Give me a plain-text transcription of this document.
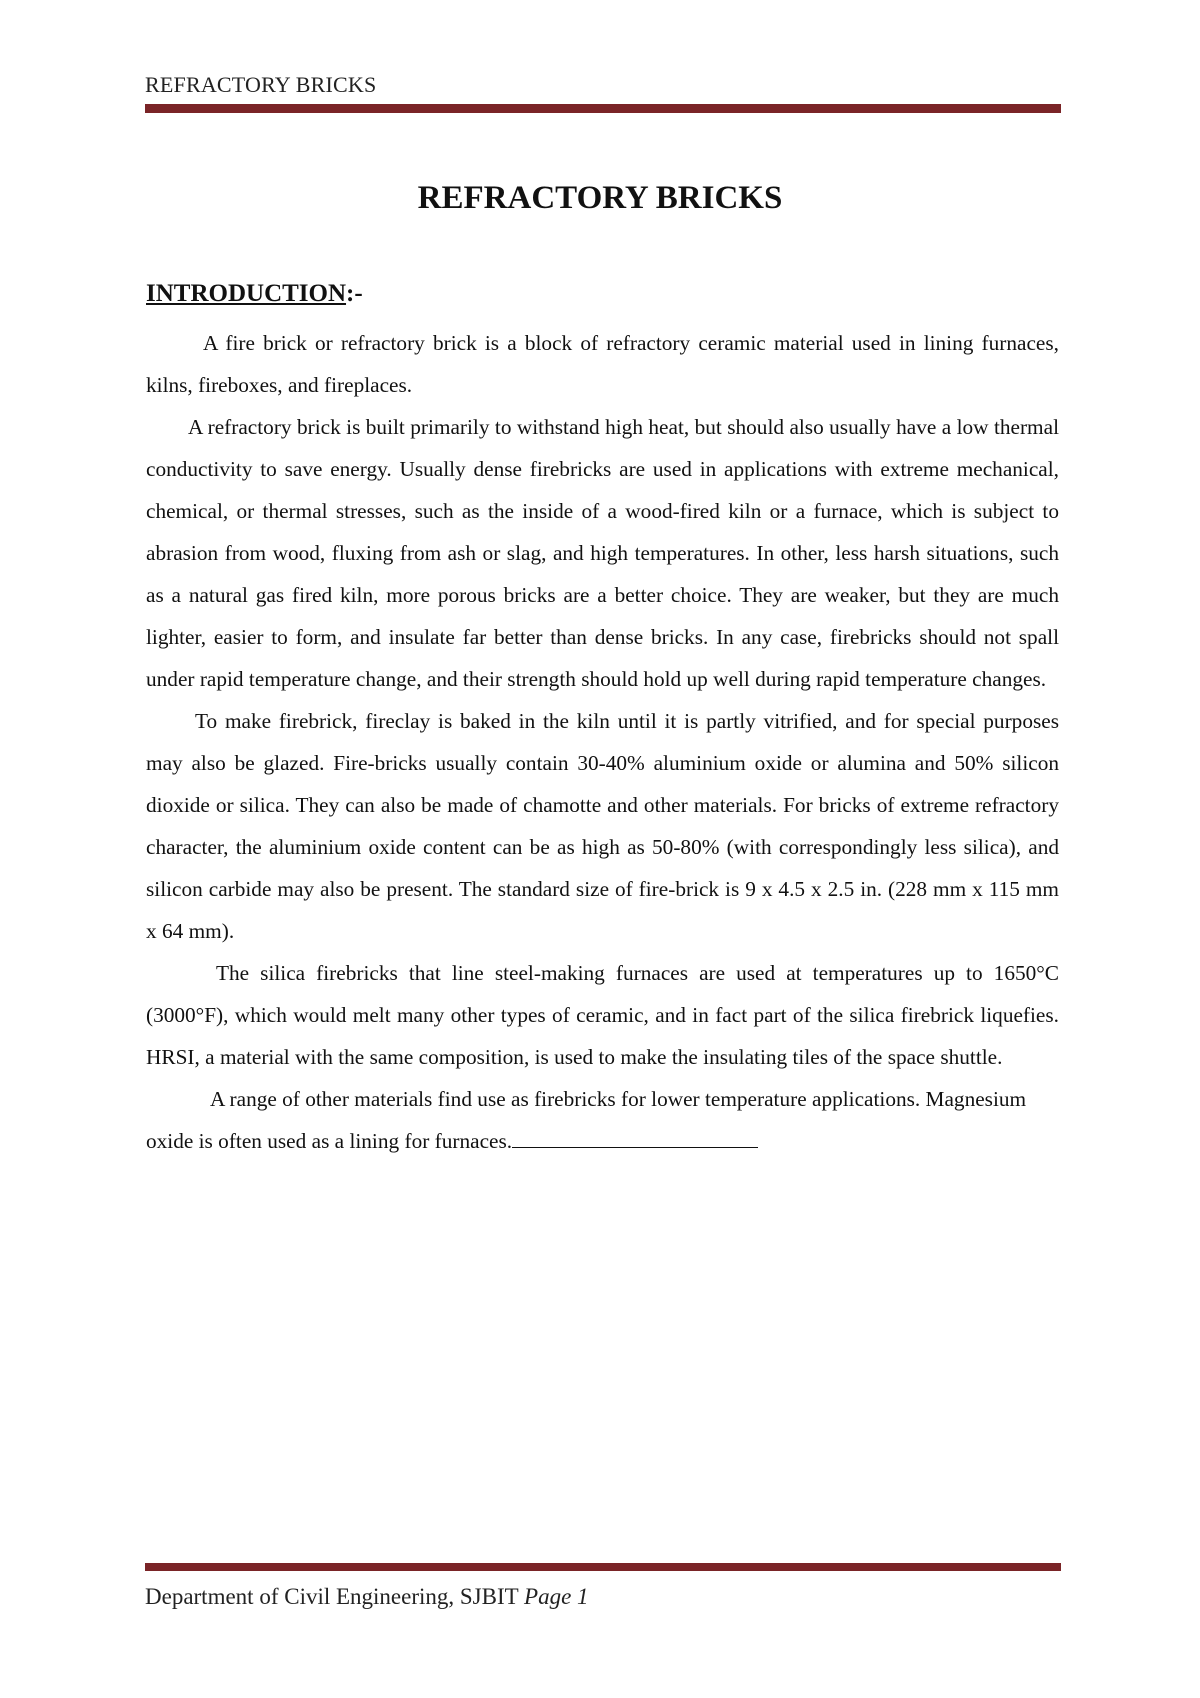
REFRACTORY BRICKS
REFRACTORY BRICKS
INTRODUCTION:-

A fire brick or refractory brick is a block of refractory ceramic material used in lining furnaces, kilns, fireboxes, and fireplaces.

A refractory brick is built primarily to withstand high heat, but should also usually have a low thermal conductivity to save energy. Usually dense firebricks are used in applications with extreme mechanical, chemical, or thermal stresses, such as the inside of a wood-fired kiln or a furnace, which is subject to abrasion from wood, fluxing from ash or slag, and high temperatures. In other, less harsh situations, such as a natural gas fired kiln, more porous bricks are a better choice. They are weaker, but they are much lighter, easier to form, and insulate far better than dense bricks. In any case, firebricks should not spall under rapid temperature change, and their strength should hold up well during rapid temperature changes.

To make firebrick, fireclay is baked in the kiln until it is partly vitrified, and for special purposes may also be glazed. Fire-bricks usually contain 30-40% aluminium oxide or alumina and 50% silicon dioxide or silica. They can also be made of chamotte and other materials. For bricks of extreme refractory character, the aluminium oxide content can be as high as 50-80% (with correspondingly less silica), and silicon carbide may also be present. The standard size of fire-brick is 9 x 4.5 x 2.5 in. (228 mm x 115 mm x 64 mm).

The silica firebricks that line steel-making furnaces are used at temperatures up to 1650°C (3000°F), which would melt many other types of ceramic, and in fact part of the silica firebrick liquefies. HRSI, a material with the same composition, is used to make the insulating tiles of the space shuttle.

A range of other materials find use as firebricks for lower temperature applications. Magnesium oxide is often used as a lining for furnaces.

Department of Civil Engineering, SJBIT Page 1
